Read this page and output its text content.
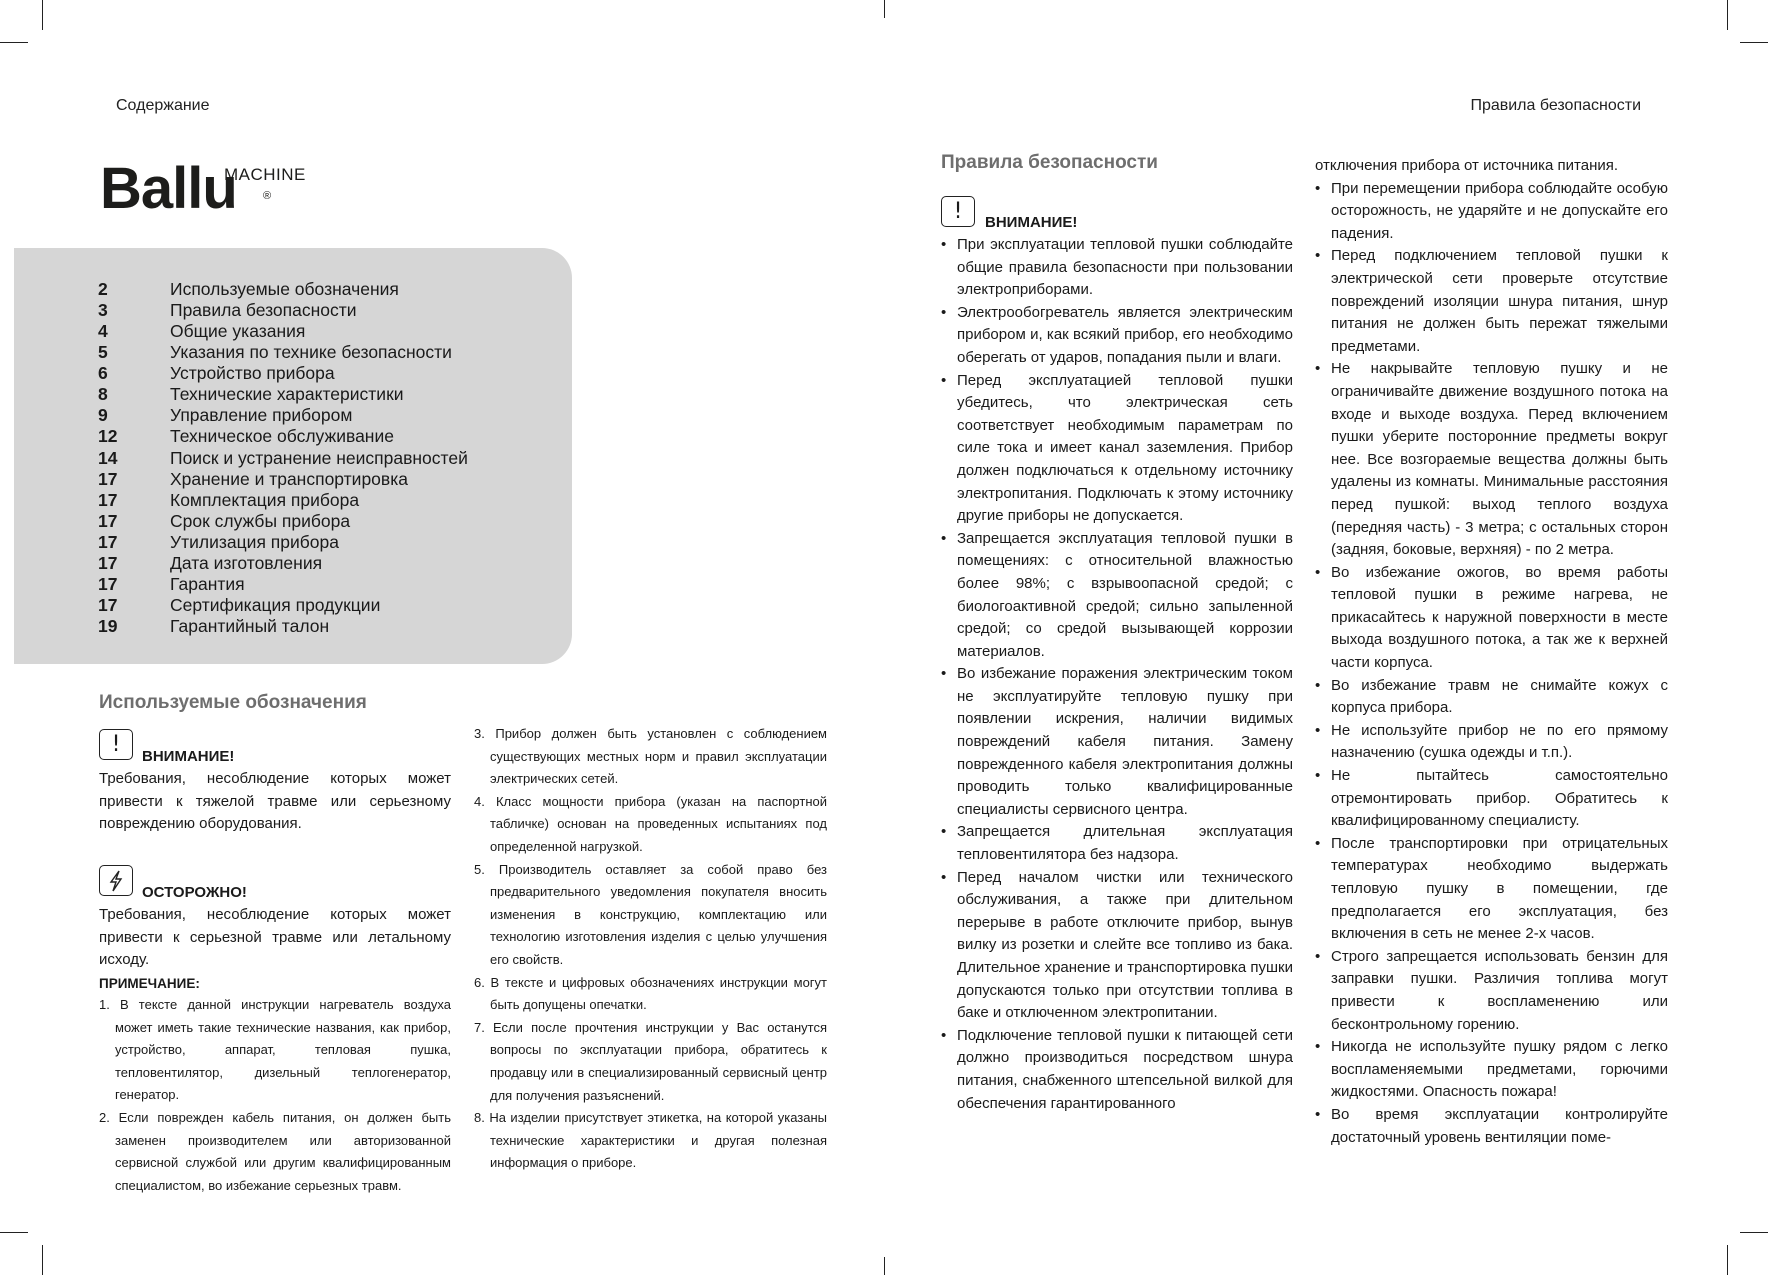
Содержание	Правила безопасности
Ballu
MACHINE
®
2	Используемые обозначения
3	Правила безопасности
4	Общие указания
5	Указания по технике безопасности
6	Устройство прибора
8	Технические характеристики
9	Управление прибором
12	Техническое обслуживание
14	Поиск и устранение неисправностей
17	Хранение и транспортировка
17	Комплектация прибора
17	Срок службы прибора
17	Утилизация прибора
17	Дата изготовления
17	Гарантия
17	Сертификация продукции
19	Гарантийный талон
Используемые обозначения
!	ВНИМАНИЕ!

Требования, несоблюдение которых может привести к тяжелой травме или серьезному повреждению оборудования.

ОСТОРОЖНО!

Требования, несоблюдение которых может привести к серьезной травме или летальному исходу.

ПРИМЕЧАНИЕ:
1. В тексте данной инструкции нагреватель воздуха может иметь такие технические названия, как прибор, устройство, аппарат, тепловая пушка, тепловентилятор, дизельный теплогенератор, генератор.
2. Если поврежден кабель питания, он должен быть заменен производителем или авторизованной сервисной службой или другим квалифицированным специалистом, во избежание серьезных травм.
3. Прибор должен быть установлен с соблюдением существующих местных норм и правил эксплуатации электрических сетей.
4. Класс мощности прибора (указан на паспортной табличке) основан на проведенных испытаниях под определенной нагрузкой.
5. Производитель оставляет за собой право без предварительного уведомления покупателя вносить изменения в конструкцию, комплектацию или технологию изготовления изделия с целью улучшения его свойств.
6. В тексте и цифровых обозначениях инструкции могут быть допущены опечатки.
7. Если после прочтения инструкции у Вас останутся вопросы по эксплуатации прибора, обратитесь к продавцу или в специализированный сервисный центр для получения разъяснений.
8. На изделии присутствует этикетка, на которой указаны технические характеристики и другая полезная информация о приборе.
Правила безопасности
!	ВНИМАНИЕ!
• При эксплуатации тепловой пушки соблюдайте общие правила безопасности при пользовании электроприборами.
• Электрообогреватель является электрическим прибором и, как всякий прибор, его необходимо оберегать от ударов, попадания пыли и влаги.
• Перед эксплуатацией тепловой пушки убедитесь, что электрическая сеть соответствует необходимым параметрам по силе тока и имеет канал заземления. Прибор должен подключаться к отдельному источнику электропитания. Подключать к этому источнику другие приборы не допускается.
• Запрещается эксплуатация тепловой пушки в помещениях: с относительной влажностью более 98%; с взрывоопасной средой; с биологоактивной средой; сильно запыленной средой; со средой вызывающей коррозии материалов.
• Во избежание поражения электрическим током не эксплуатируйте тепловую пушку при появлении искрения, наличии видимых повреждений кабеля питания. Замену поврежденного кабеля электропитания должны проводить только квалифицированные специалисты сервисного центра.
• Запрещается длительная эксплуатация тепловентилятора без надзора.
• Перед началом чистки или технического обслуживания, а также при длительном перерыве в работе отключите прибор, вынув вилку из розетки и слейте все топливо из бака. Длительное хранение и транспортировка пушки допускаются только при отсутствии топлива в баке и отключенном электропитании.
• Подключение тепловой пушки к питающей сети должно производиться посредством шнура питания, снабженного штепсельной вилкой для обеспечения гарантированного
отключения прибора от источника питания.
• При перемещении прибора соблюдайте особую осторожность, не ударяйте и не допускайте его падения.
• Перед подключением тепловой пушки к электрической сети проверьте отсутствие повреждений изоляции шнура питания, шнур питания не должен быть пережат тяжелыми предметами.
• Не накрывайте тепловую пушку и не ограничивайте движение воздушного потока на входе и выходе воздуха. Перед включением пушки уберите посторонние предметы вокруг нее. Все возгораемые вещества должны быть удалены из комнаты. Минимальные расстояния перед пушкой: выход теплого воздуха (передняя часть) - 3 метра; с остальных сторон (задняя, боковые, верхняя) - по 2 метра.
• Во избежание ожогов, во время работы тепловой пушки в режиме нагрева, не прикасайтесь к наружной поверхности в месте выхода воздушного потока, а так же к верхней части корпуса.
• Во избежание травм не снимайте кожух с корпуса прибора.
• Не используйте прибор не по его прямому назначению (сушка одежды и т.п.).
• Не пытайтесь самостоятельно отремонтировать прибор. Обратитесь к квалифицированному специалисту.
• После транспортировки при отрицательных температурах необходимо выдержать тепловую пушку в помещении, где предполагается его эксплуатация, без включения в сеть не менее 2-х часов.
• Строго запрещается использовать бензин для заправки пушки. Различия топлива могут привести к воспламенению или бесконтрольному горению.
• Никогда не используйте пушку рядом с легко воспламеняемыми предметами, горючими жидкостями. Опасность пожара!
• Во время эксплуатации контролируйте достаточный уровень вентиляции поме-
